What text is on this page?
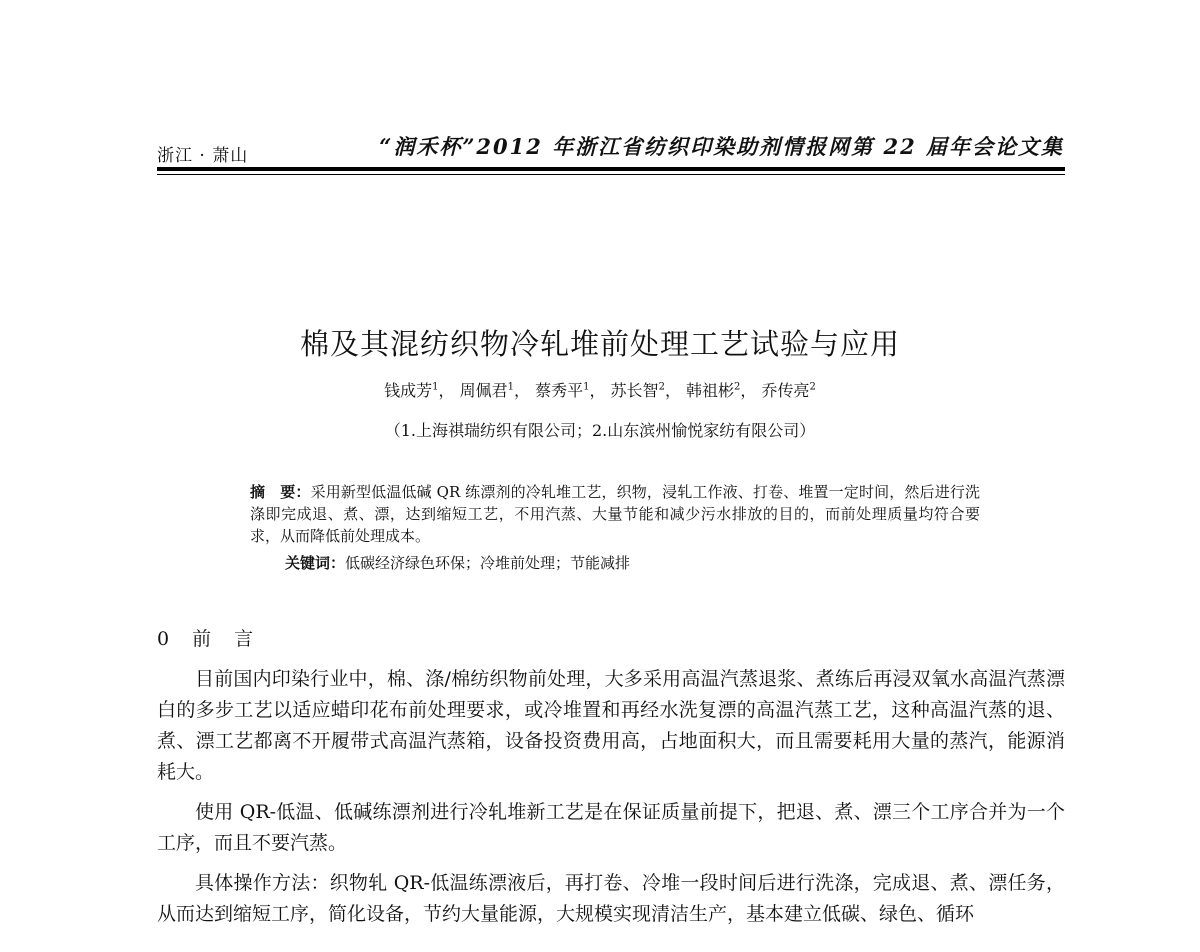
浙江 · 萧山	“润禾杯”2012 年浙江省纺织印染助剂情报网第 22 届年会论文集
棉及其混纺织物冷轧堆前处理工艺试验与应用
钱成芳$^1$， 周佩君$^1$， 蔡秀平$^1$， 苏长智$^2$， 韩祖彬$^2$， 乔传亮$^2$
（1.上海祺瑞纺织有限公司；2.山东滨州愉悦家纺有限公司）
摘　要：采用新型低温低碱 QR 练漂剂的冷轧堆工艺，织物，浸轧工作液、打卷、堆置一定时间，然后进行洗涤即完成退、煮、漂，达到缩短工艺，不用汽蒸、大量节能和减少污水排放的目的，而前处理质量均符合要求，从而降低前处理成本。
关键词：低碳经济绿色环保；冷堆前处理；节能减排
0　前　言

目前国内印染行业中，棉、涤/棉纺织物前处理，大多采用高温汽蒸退浆、煮练后再浸双氧水高温汽蒸漂白的多步工艺以适应蜡印花布前处理要求，或冷堆置和再经水洗复漂的高温汽蒸工艺，这种高温汽蒸的退、煮、漂工艺都离不开履带式高温汽蒸箱，设备投资费用高，占地面积大，而且需要耗用大量的蒸汽，能源消耗大。

使用 QR-低温、低碱练漂剂进行冷轧堆新工艺是在保证质量前提下，把退、煮、漂三个工序合并为一个工序，而且不要汽蒸。

具体操作方法：织物轧 QR-低温练漂液后，再打卷、冷堆一段时间后进行洗涤，完成退、煮、漂任务，从而达到缩短工序，简化设备，节约大量能源，大规模实现清洁生产，基本建立低碳、绿色、循环
